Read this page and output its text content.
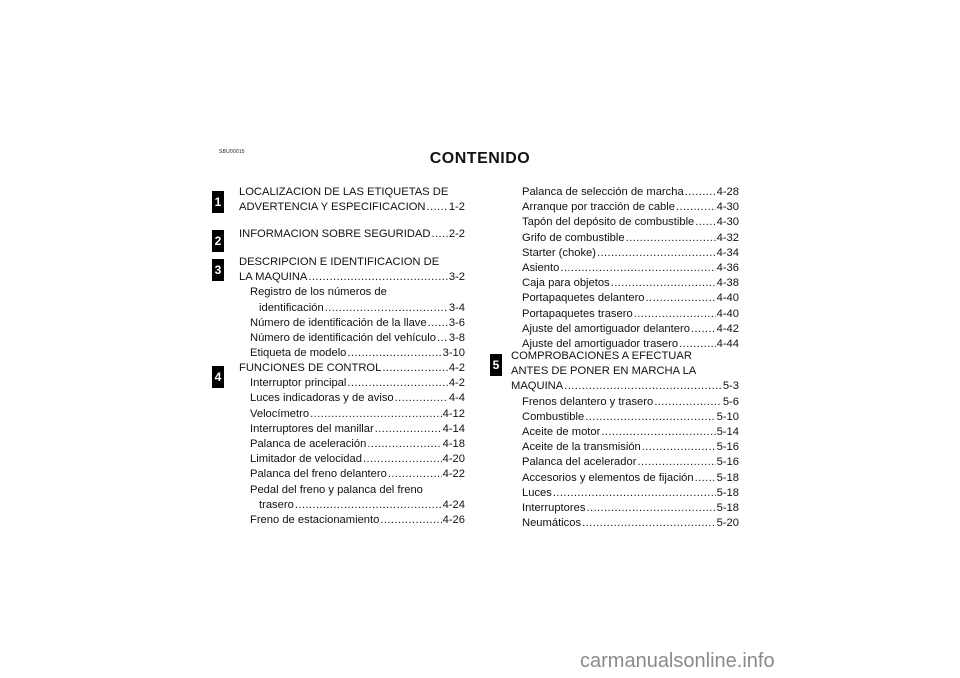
SBU00015	CONTENIDO
1
2
3
4
5
LOCALIZACION DE LAS ETIQUETAS DE
ADVERTENCIA Y ESPECIFICACION ..... 1-2
INFORMACION SOBRE SEGURIDAD ..... 2-2
DESCRIPCION E IDENTIFICACION DE
LA MAQUINA .....	3-2
Registro de los números de
identificación .....	3-4
Número de identificación de la llave ..... 3-6
Número de identificación del vehículo ..... 3-8
Etiqueta de modelo .....	3-10
FUNCIONES DE CONTROL .....	4-2
Interruptor principal .....	4-2
Luces indicadoras y de aviso .....	4-4
Velocímetro .....	4-12
Interruptores del manillar .....	4-14
Palanca de aceleración .....	4-18
Limitador de velocidad .....	4-20
Palanca del freno delantero .....	4-22
Pedal del freno y palanca del freno
trasero .....	4-24
Freno de estacionamiento .....	4-26
Palanca de selección de marcha .....	4-28
Arranque por tracción de cable .....	4-30
Tapón del depósito de combustible ..... 4-30
Grifo de combustible .....	4-32
Starter (choke) .....	4-34
Asiento .....	4-36
Caja para objetos .....	4-38
Portapaquetes delantero .....	4-40
Portapaquetes trasero .....	4-40
Ajuste del amortiguador delantero ..... 4-42
Ajuste del amortiguador trasero .....	4-44
COMPROBACIONES A EFECTUAR
ANTES DE PONER EN MARCHA LA
MAQUINA .....	5-3
Frenos delantero y trasero .....	5-6
Combustible .....	5-10
Aceite de motor .....	5-14
Aceite de la transmisión .....	5-16
Palanca del acelerador .....	5-16
Accesorios y elementos de fijación ..... 5-18
Luces .....	5-18
Interruptores .....	5-18
Neumáticos .....	5-20
carmanualsonline.info
